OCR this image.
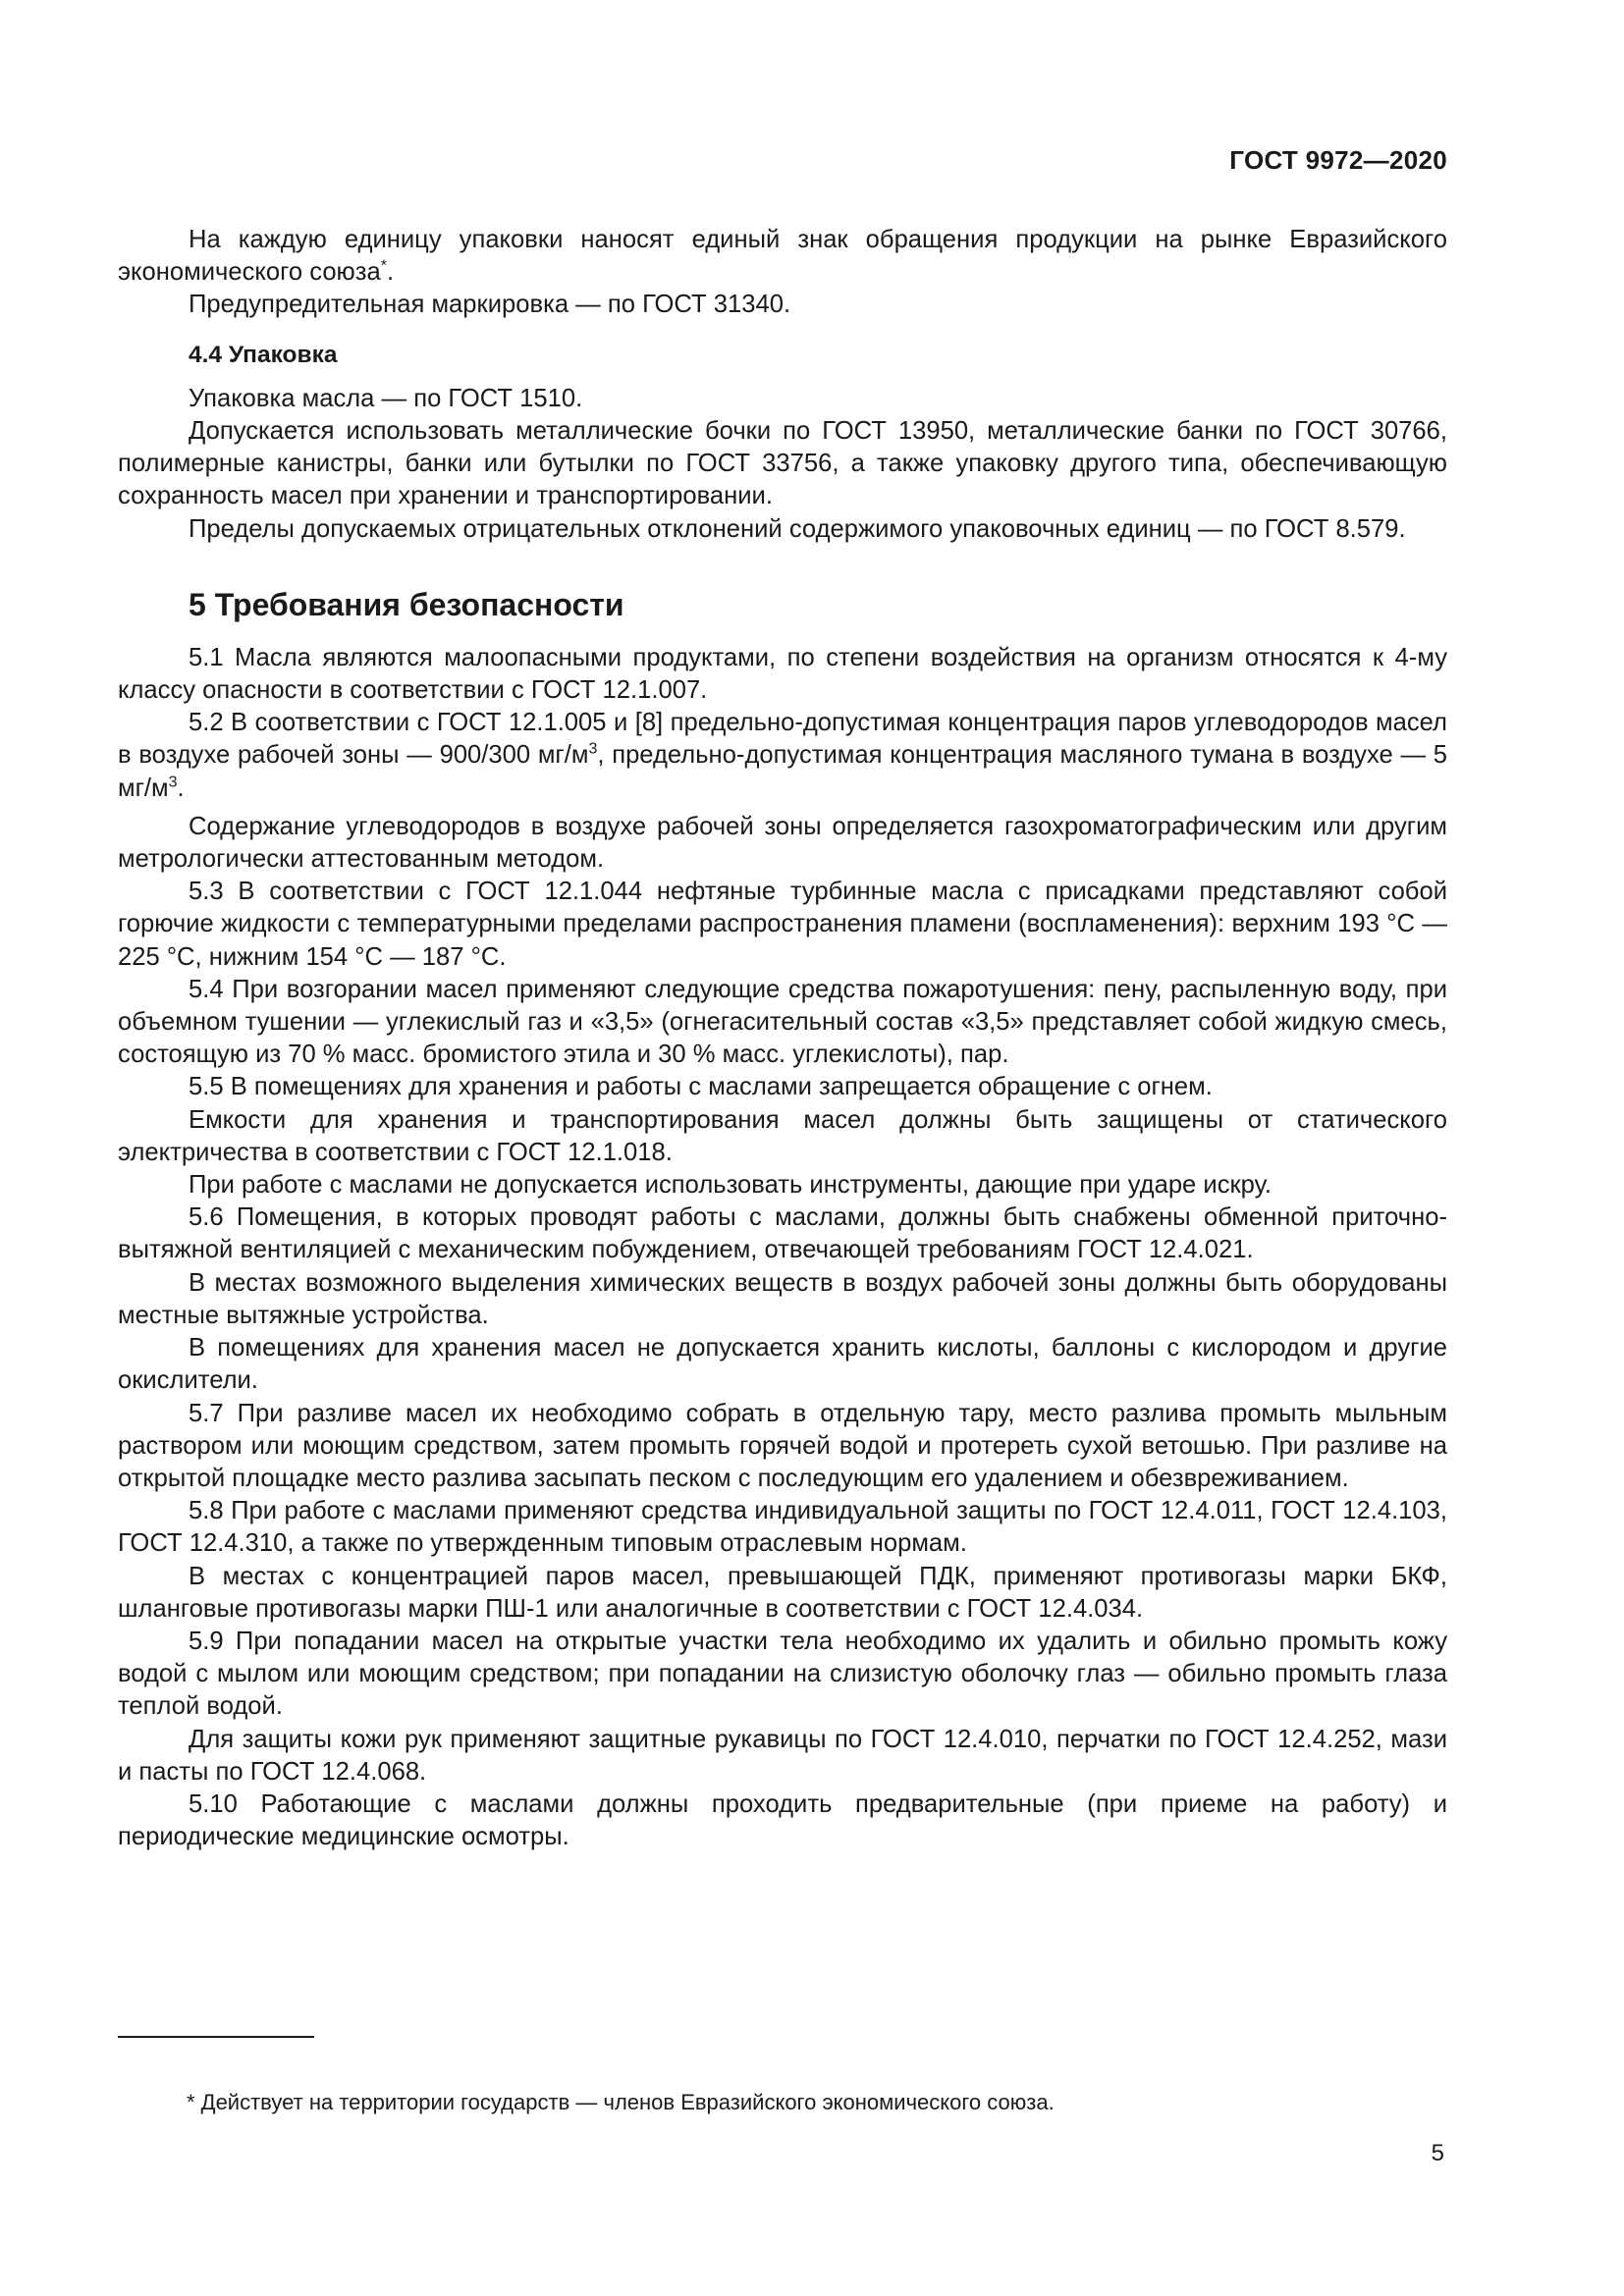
ГОСТ 9972—2020

На каждую единицу упаковки наносят единый знак обращения продукции на рынке Евразийского экономического союза*.

Предупредительная маркировка — по ГОСТ 31340.

4.4 Упаковка

Упаковка масла — по ГОСТ 1510.

Допускается использовать металлические бочки по ГОСТ 13950, металлические банки по ГОСТ 30766, полимерные канистры, банки или бутылки по ГОСТ 33756, а также упаковку другого типа, обеспечивающую сохранность масел при хранении и транспортировании.

Пределы допускаемых отрицательных отклонений содержимого упаковочных единиц — по ГОСТ 8.579.

5 Требования безопасности

5.1 Масла являются малоопасными продуктами, по степени воздействия на организм относятся к 4-му классу опасности в соответствии с ГОСТ 12.1.007.

5.2 В соответствии с ГОСТ 12.1.005 и [8] предельно-допустимая концентрация паров углеводородов масел в воздухе рабочей зоны — 900/300 $мг/м^3$, предельно-допустимая концентрация масляного тумана в воздухе — 5 $мг/м^3$.

Содержание углеводородов в воздухе рабочей зоны определяется газохроматографическим или другим метрологически аттестованным методом.

5.3 В соответствии с ГОСТ 12.1.044 нефтяные турбинные масла с присадками представляют собой горючие жидкости с температурными пределами распространения пламени (воспламенения): верхним 193 °С — 225 °С, нижним 154 °С — 187 °С.

5.4 При возгорании масел применяют следующие средства пожаротушения: пену, распыленную воду, при объемном тушении — углекислый газ и «3,5» (огнегасительный состав «3,5» представляет собой жидкую смесь, состоящую из 70 % масс. бромистого этила и 30 % масс. углекислоты), пар.

5.5 В помещениях для хранения и работы с маслами запрещается обращение с огнем.

Емкости для хранения и транспортирования масел должны быть защищены от статического электричества в соответствии с ГОСТ 12.1.018.

При работе с маслами не допускается использовать инструменты, дающие при ударе искру.

5.6 Помещения, в которых проводят работы с маслами, должны быть снабжены обменной приточно-вытяжной вентиляцией с механическим побуждением, отвечающей требованиям ГОСТ 12.4.021.

В местах возможного выделения химических веществ в воздух рабочей зоны должны быть оборудованы местные вытяжные устройства.

В помещениях для хранения масел не допускается хранить кислоты, баллоны с кислородом и другие окислители.

5.7 При разливе масел их необходимо собрать в отдельную тару, место разлива промыть мыльным раствором или моющим средством, затем промыть горячей водой и протереть сухой ветошью. При разливе на открытой площадке место разлива засыпать песком с последующим его удалением и обезвреживанием.

5.8 При работе с маслами применяют средства индивидуальной защиты по ГОСТ 12.4.011, ГОСТ 12.4.103, ГОСТ 12.4.310, а также по утвержденным типовым отраслевым нормам.

В местах с концентрацией паров масел, превышающей ПДК, применяют противогазы марки БКФ, шланговые противогазы марки ПШ-1 или аналогичные в соответствии с ГОСТ 12.4.034.

5.9 При попадании масел на открытые участки тела необходимо их удалить и обильно промыть кожу водой с мылом или моющим средством; при попадании на слизистую оболочку глаз — обильно промыть глаза теплой водой.

Для защиты кожи рук применяют защитные рукавицы по ГОСТ 12.4.010, перчатки по ГОСТ 12.4.252, мази и пасты по ГОСТ 12.4.068.

5.10 Работающие с маслами должны проходить предварительные (при приеме на работу) и периодические медицинские осмотры.

* Действует на территории государств — членов Евразийского экономического союза.
5
